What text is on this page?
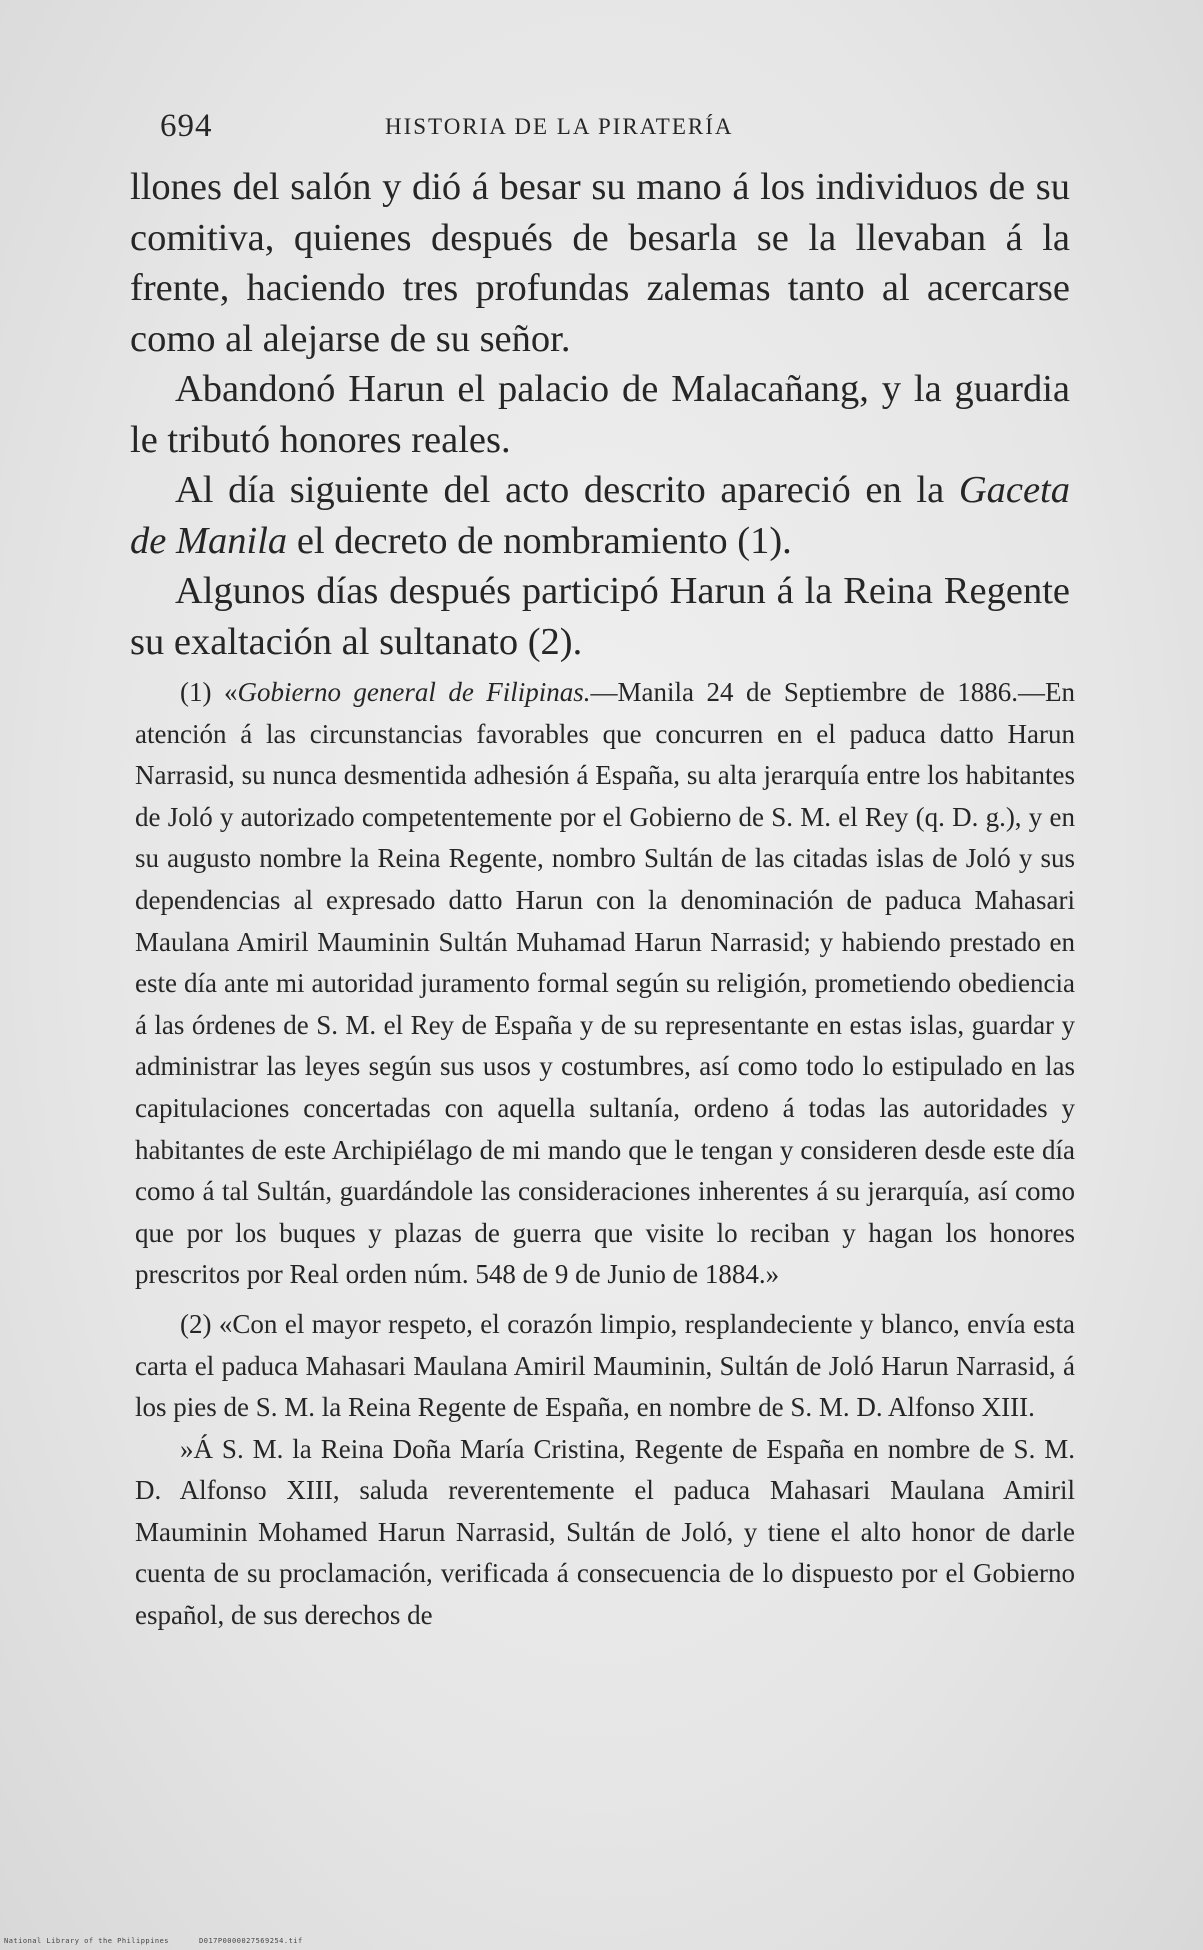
694	HISTORIA DE LA PIRATERÍA

llones del salón y dió á besar su mano á los individuos de su comitiva, quienes después de besarla se la llevaban á la frente, haciendo tres profundas zalemas tanto al acercarse como al alejarse de su señor.

Abandonó Harun el palacio de Malacañang, y la guardia le tributó honores reales.

Al día siguiente del acto descrito apareció en la Gaceta de Manila el decreto de nombramiento (1).

Algunos días después participó Harun á la Reina Regente su exaltación al sultanato (2).

(1) «Gobierno general de Filipinas.—Manila 24 de Septiembre de 1886.—En atención á las circunstancias favorables que concurren en el paduca datto Harun Narrasid, su nunca desmentida adhesión á España, su alta jerarquía entre los habitantes de Joló y autorizado competentemente por el Gobierno de S. M. el Rey (q. D. g.), y en su augusto nombre la Reina Regente, nombro Sultán de las citadas islas de Joló y sus dependencias al expresado datto Harun con la denominación de paduca Mahasari Maulana Amiril Mauminin Sultán Muhamad Harun Narrasid; y habiendo prestado en este día ante mi autoridad juramento formal según su religión, prometiendo obediencia á las órdenes de S. M. el Rey de España y de su representante en estas islas, guardar y administrar las leyes según sus usos y costumbres, así como todo lo estipulado en las capitulaciones concertadas con aquella sultanía, ordeno á todas las autoridades y habitantes de este Archipiélago de mi mando que le tengan y consideren desde este día como á tal Sultán, guardándole las consideraciones inherentes á su jerarquía, así como que por los buques y plazas de guerra que visite lo reciban y hagan los honores prescritos por Real orden núm. 548 de 9 de Junio de 1884.»

(2) «Con el mayor respeto, el corazón limpio, resplandeciente y blanco, envía esta carta el paduca Mahasari Maulana Amiril Mauminin, Sultán de Joló Harun Narrasid, á los pies de S. M. la Reina Regente de España, en nombre de S. M. D. Alfonso XIII.

»Á S. M. la Reina Doña María Cristina, Regente de España en nombre de S. M. D. Alfonso XIII, saluda reverentemente el paduca Mahasari Maulana Amiril Mauminin Mohamed Harun Narrasid, Sultán de Joló, y tiene el alto honor de darle cuenta de su proclamación, verificada á consecuencia de lo dispuesto por el Gobierno español, de sus derechos de

National Library of the Philippines	D017P0000027569254.tif
